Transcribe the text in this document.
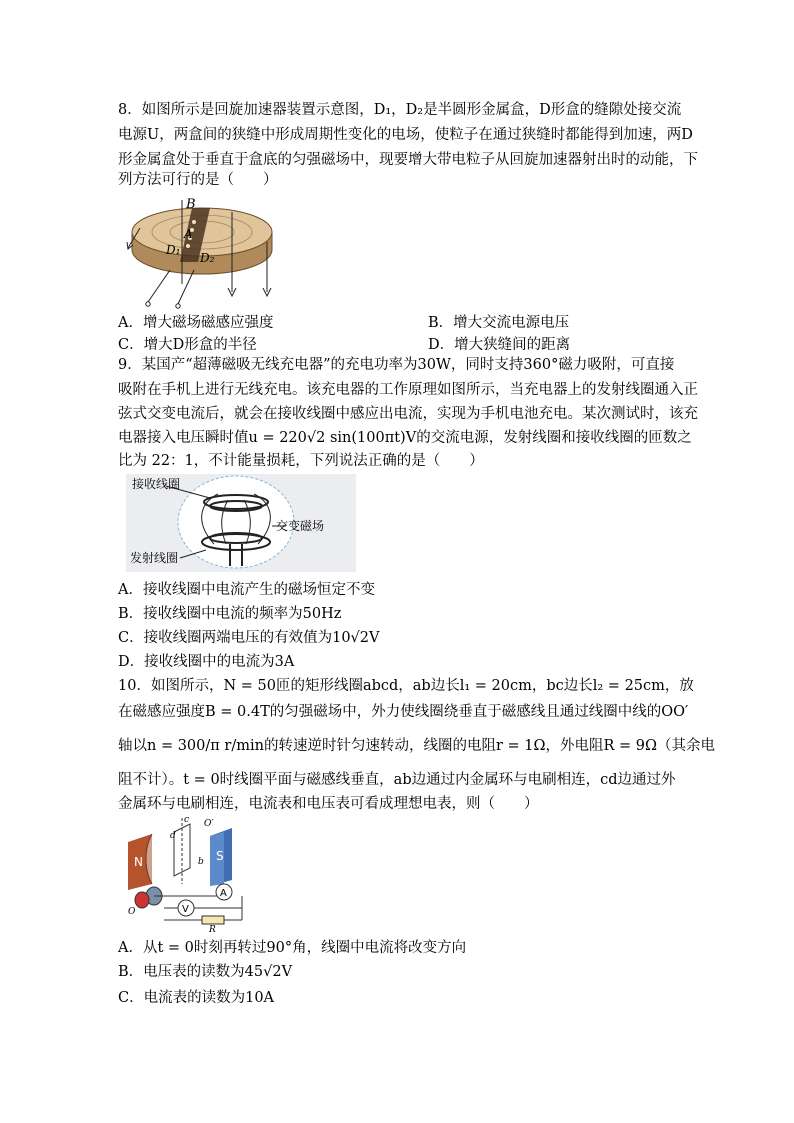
8．如图所示是回旋加速器装置示意图，D₁，D₂是半圆形金属盒，D形盒的缝隙处接交流
电源U，两盒间的狭缝中形成周期性变化的电场，使粒子在通过狭缝时都能得到加速，两D
形金属盒处于垂直于盒底的匀强磁场中，现要增大带电粒子从回旋加速器射出时的动能，下
列方法可行的是（　　）
B
A
D₁
D₂
A．增大磁场磁感应强度	B．增大交流电源电压
C．增大D形盒的半径	D．增大狭缝间的距离
9．某国产“超薄磁吸无线充电器”的充电功率为30W，同时支持360°磁力吸附，可直接
吸附在手机上进行无线充电。该充电器的工作原理如图所示，当充电器上的发射线圈通入正
弦式交变电流后，就会在接收线圈中感应出电流，实现为手机电池充电。某次测试时，该充
电器接入电压瞬时值u = 220√2 sin(100πt)V的交流电源，发射线圈和接收线圈的匝数之
比为 22：1，不计能量损耗，下列说法正确的是（　　）
接收线圈
交变磁场
发射线圈
A．接收线圈中电流产生的磁场恒定不变
B．接收线圈中电流的频率为50Hz
C．接收线圈两端电压的有效值为10√2V
D．接收线圈中的电流为3A
10．如图所示，N = 50匝的矩形线圈abcd，ab边长l₁ = 20cm，bc边长l₂ = 25cm，放
在磁感应强度B = 0.4T的匀强磁场中，外力使线圈绕垂直于磁感线且通过线圈中线的OO′
轴以n = 300/π r/min的转速逆时针匀速转动，线圈的电阻r = 1Ω，外电阻R = 9Ω（其余电
阻不计）。t = 0时线圈平面与磁感线垂直，ab边通过内金属环与电刷相连，cd边通过外
金属环与电刷相连，电流表和电压表可看成理想电表，则（　　）
N	S
A
V
R
O
O′
c
d
b
A．从t = 0时刻再转过90°角，线圈中电流将改变方向
B．电压表的读数为45√2V
C．电流表的读数为10A
